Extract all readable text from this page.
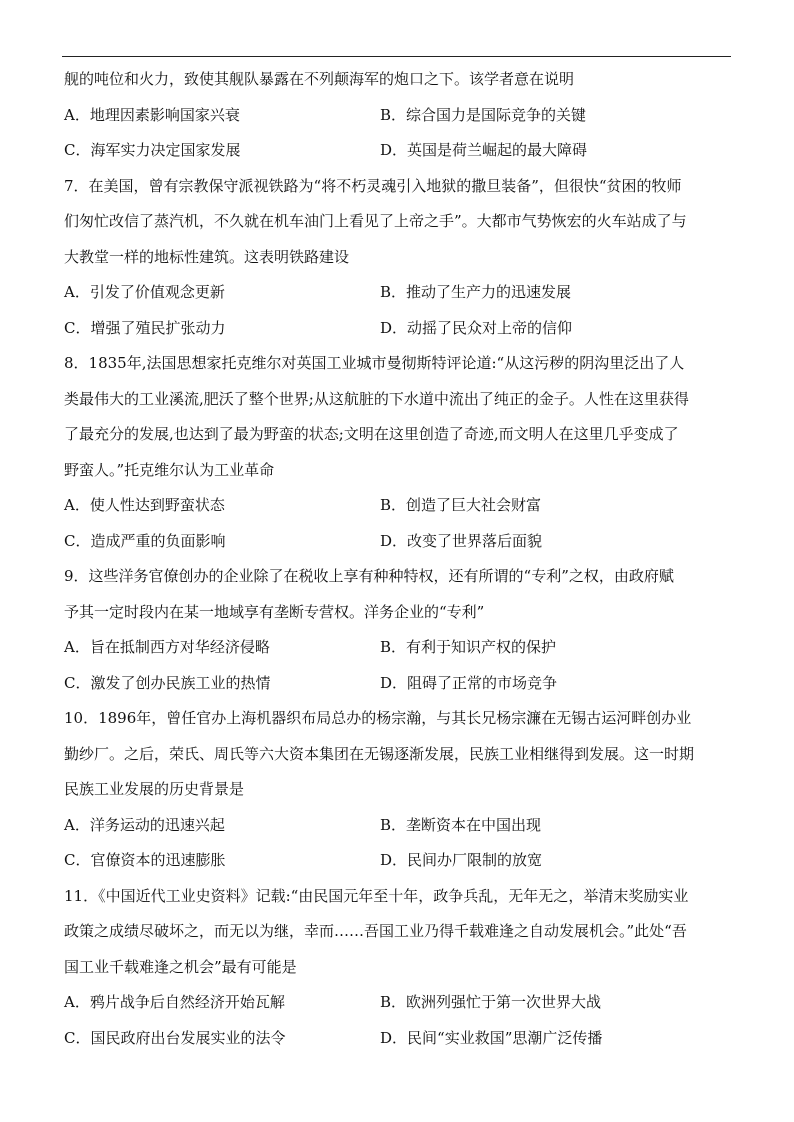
舰的吨位和火力，致使其舰队暴露在不列颠海军的炮口之下。该学者意在说明
A．地理因素影响国家兴衰	B．综合国力是国际竞争的关键
C．海军实力决定国家发展	D．英国是荷兰崛起的最大障碍
7．在美国，曾有宗教保守派视铁路为“将不朽灵魂引入地狱的撒旦装备”，但很快“贫困的牧师
们匆忙改信了蒸汽机，不久就在机车油门上看见了上帝之手”。大都市气势恢宏的火车站成了与
大教堂一样的地标性建筑。这表明铁路建设
A．引发了价值观念更新	B．推动了生产力的迅速发展
C．增强了殖民扩张动力	D．动摇了民众对上帝的信仰
8．1835年,法国思想家托克维尔对英国工业城市曼彻斯特评论道:“从这污秽的阴沟里泛出了人
类最伟大的工业溪流,肥沃了整个世界;从这航脏的下水道中流出了纯正的金子。人性在这里获得
了最充分的发展,也达到了最为野蛮的状态;文明在这里创造了奇迹,而文明人在这里几乎变成了
野蛮人。”托克维尔认为工业革命
A．使人性达到野蛮状态	B．创造了巨大社会财富
C．造成严重的负面影响	D．改变了世界落后面貌
9．这些洋务官僚创办的企业除了在税收上享有种种特权，还有所谓的“专利”之权，由政府赋
予其一定时段内在某一地域享有垄断专营权。洋务企业的“专利”
A．旨在抵制西方对华经济侵略	B．有利于知识产权的保护
C．激发了创办民族工业的热情	D．阻碍了正常的市场竞争
10．1896年，曾任官办上海机器织布局总办的杨宗瀚，与其长兄杨宗濂在无锡古运河畔创办业
勤纱厂。之后，荣氏、周氏等六大资本集团在无锡逐渐发展，民族工业相继得到发展。这一时期
民族工业发展的历史背景是
A．洋务运动的迅速兴起	B．垄断资本在中国出现
C．官僚资本的迅速膨胀	D．民间办厂限制的放宽
11．《中国近代工业史资料》记载:“由民国元年至十年，政争兵乱，无年无之，举清末奖励实业
政策之成绩尽破坏之，而无以为继，幸而……吾国工业乃得千载难逢之自动发展机会。”此处“吾
国工业千载难逢之机会”最有可能是
A．鸦片战争后自然经济开始瓦解	B．欧洲列强忙于第一次世界大战
C．国民政府出台发展实业的法令	D．民间“实业救国”思潮广泛传播
